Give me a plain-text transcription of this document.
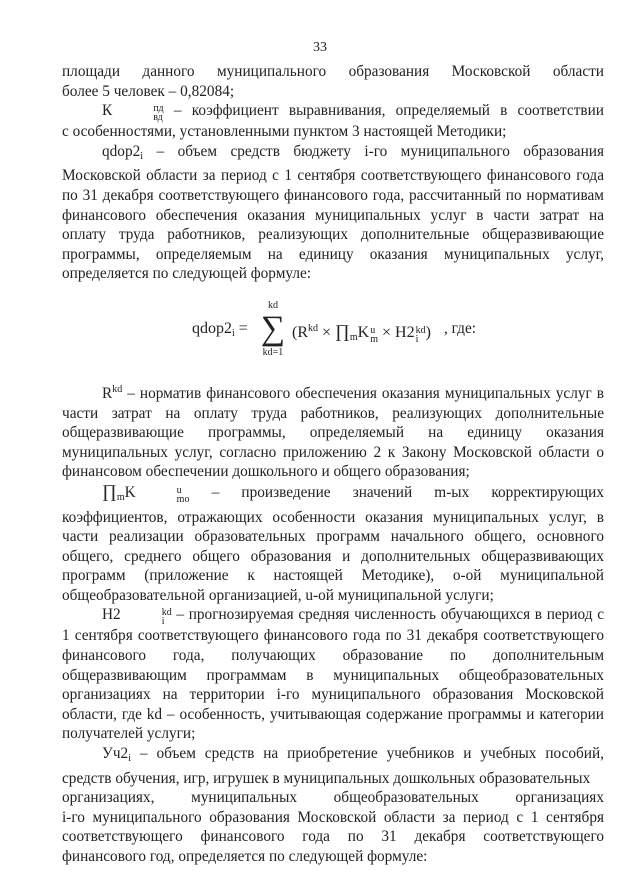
33

площади данного муниципального образования Московской области

более 5 человек – 0,82084;

К	пд
вд – коэффициент выравнивания, определяемый в соответствии

с особенностями, установленными пунктом 3 настоящей Методики;

$qdop2_i$ – объем средств бюджету i-го муниципального образования Московской области за период с 1 сентября соответствующего финансового года по 31 декабря соответствующего финансового года, рассчитанный по нормативам финансового обеспечения оказания муниципальных услуг в части затрат на оплату труда работников, реализующих дополнительные общеразвивающие программы, определяемым на единицу оказания муниципальных услуг, определяется по следующей формуле:

$qdop2_i$ =
kd
∑
kd=1
($R^{kd}$ × $\prod_mK$ u
m × H2 kd
i ) , где:

$R^{kd}$ – норматив финансового обеспечения оказания муниципальных услуг в части затрат на оплату труда работников, реализующих дополнительные общеразвивающие программы, определяемый на единицу оказания муниципальных услуг, согласно приложению 2 к Закону Московской области о финансовом обеспечении дошкольного и общего образования;

$\prod_mK$	u
mo – произведение значений m-ых корректирующих коэффициентов, отражающих особенности оказания муниципальных услуг, в части реализации образовательных программ начального общего, основного общего, среднего общего образования и дополнительных общеразвивающих программ (приложение к настоящей Методике), о-ой муниципальной общеобразовательной организацией, u-ой муниципальной услуги;

H2	kd
i – прогнозируемая средняя численность обучающихся в период с 1 сентября соответствующего финансового года по 31 декабря соответствующего финансового года, получающих образование по дополнительным общеразвивающим программам в муниципальных общеобразовательных организациях на территории i-го муниципального образования Московской области, где kd – особенность, учитывающая содержание программы и категории получателей услуги;

$Уч2_i$ – объем средств на приобретение учебников и учебных пособий, средств обучения, игр, игрушек в муниципальных дошкольных образовательных

организациях, муниципальных общеобразовательных организациях

i-го муниципального образования Московской области за период с 1 сентября соответствующего финансового года по 31 декабря соответствующего финансового год, определяется по следующей формуле:
